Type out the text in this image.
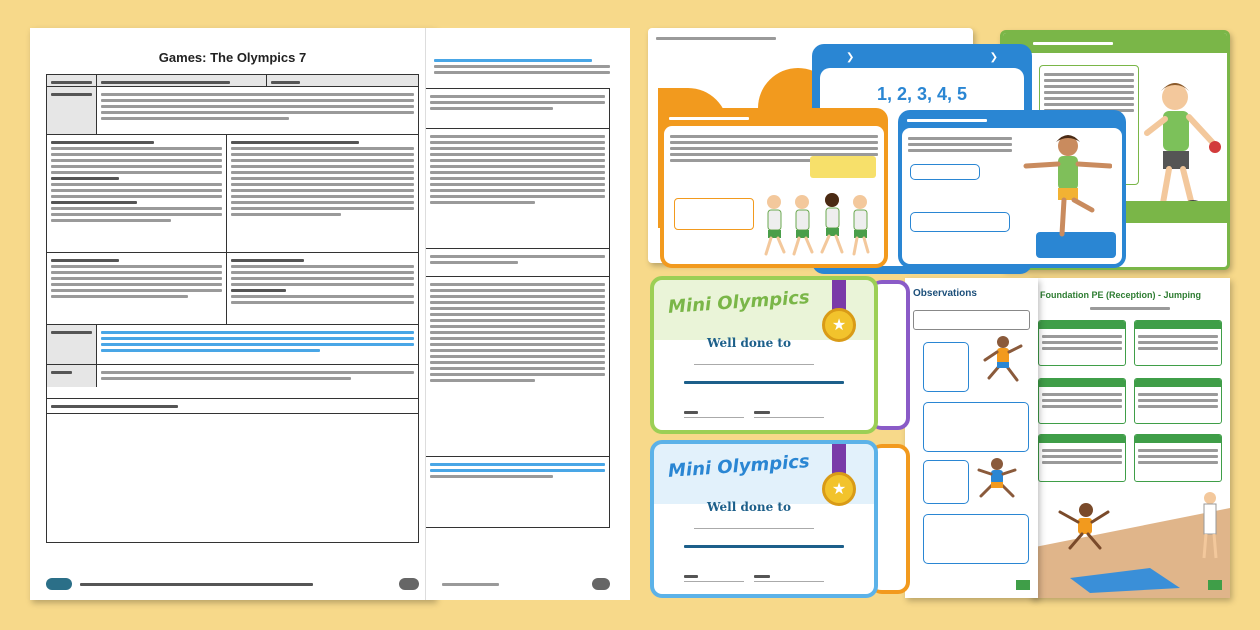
Games: The Olympics 7	❯	❯
1, 2, 3, 4, 5
Foundation PE (Reception) - Jumping
Observations
Mini Olympics
★
Well done to
Mini Olympics
★
Well done to
